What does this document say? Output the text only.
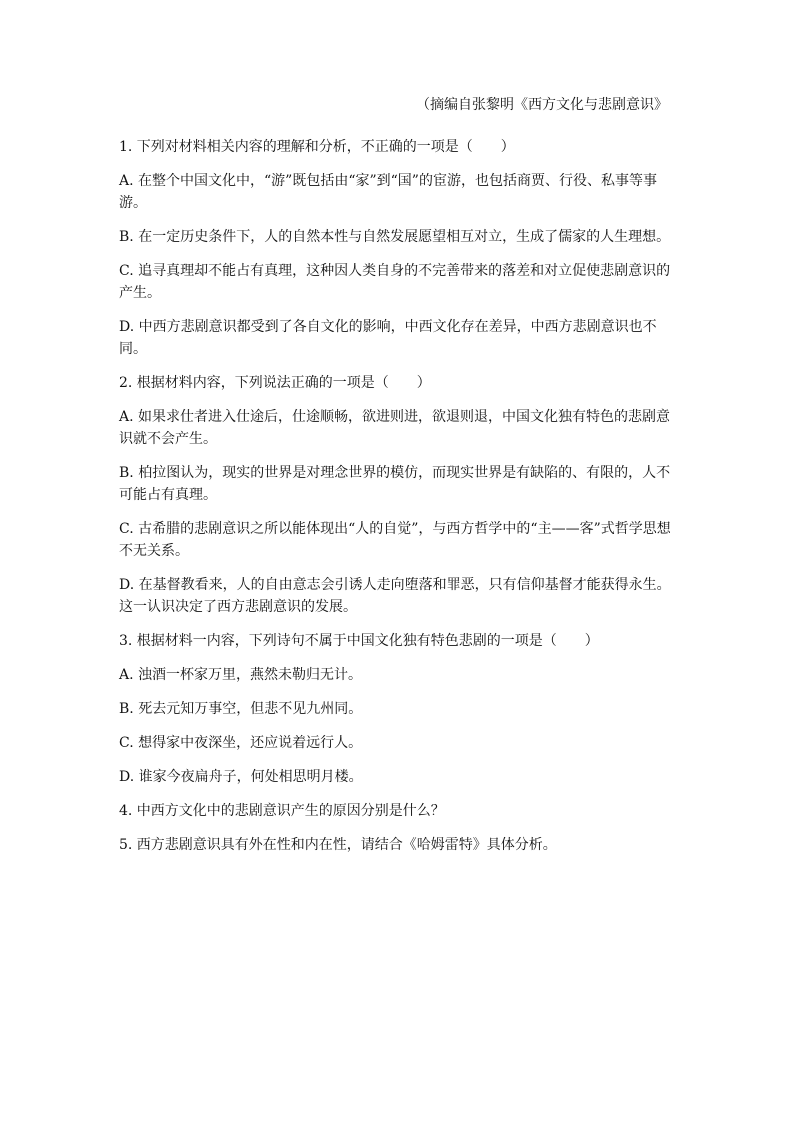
（摘编自张黎明《西方文化与悲剧意识》

1. 下列对材料相关内容的理解和分析，不正确的一项是（　　）

A. 在整个中国文化中，“游”既包括由“家”到“国”的宦游，也包括商贾、行役、私事等事游。

B. 在一定历史条件下，人的自然本性与自然发展愿望相互对立，生成了儒家的人生理想。

C. 追寻真理却不能占有真理，这种因人类自身的不完善带来的落差和对立促使悲剧意识的产生。

D. 中西方悲剧意识都受到了各自文化的影响，中西文化存在差异，中西方悲剧意识也不同。

2. 根据材料内容，下列说法正确的一项是（　　）

A. 如果求仕者进入仕途后，仕途顺畅，欲进则进，欲退则退，中国文化独有特色的悲剧意识就不会产生。

B. 柏拉图认为，现实的世界是对理念世界的模仿，而现实世界是有缺陷的、有限的，人不可能占有真理。

C. 古希腊的悲剧意识之所以能体现出“人的自觉”，与西方哲学中的“主——客”式哲学思想不无关系。

D. 在基督教看来，人的自由意志会引诱人走向堕落和罪恶，只有信仰基督才能获得永生。这一认识决定了西方悲剧意识的发展。

3. 根据材料一内容，下列诗句不属于中国文化独有特色悲剧的一项是（　　）

A. 浊酒一杯家万里，燕然未勒归无计。

B. 死去元知万事空，但悲不见九州同。

C. 想得家中夜深坐，还应说着远行人。

D. 谁家今夜扁舟子，何处相思明月楼。

4. 中西方文化中的悲剧意识产生的原因分别是什么？

5. 西方悲剧意识具有外在性和内在性，请结合《哈姆雷特》具体分析。
